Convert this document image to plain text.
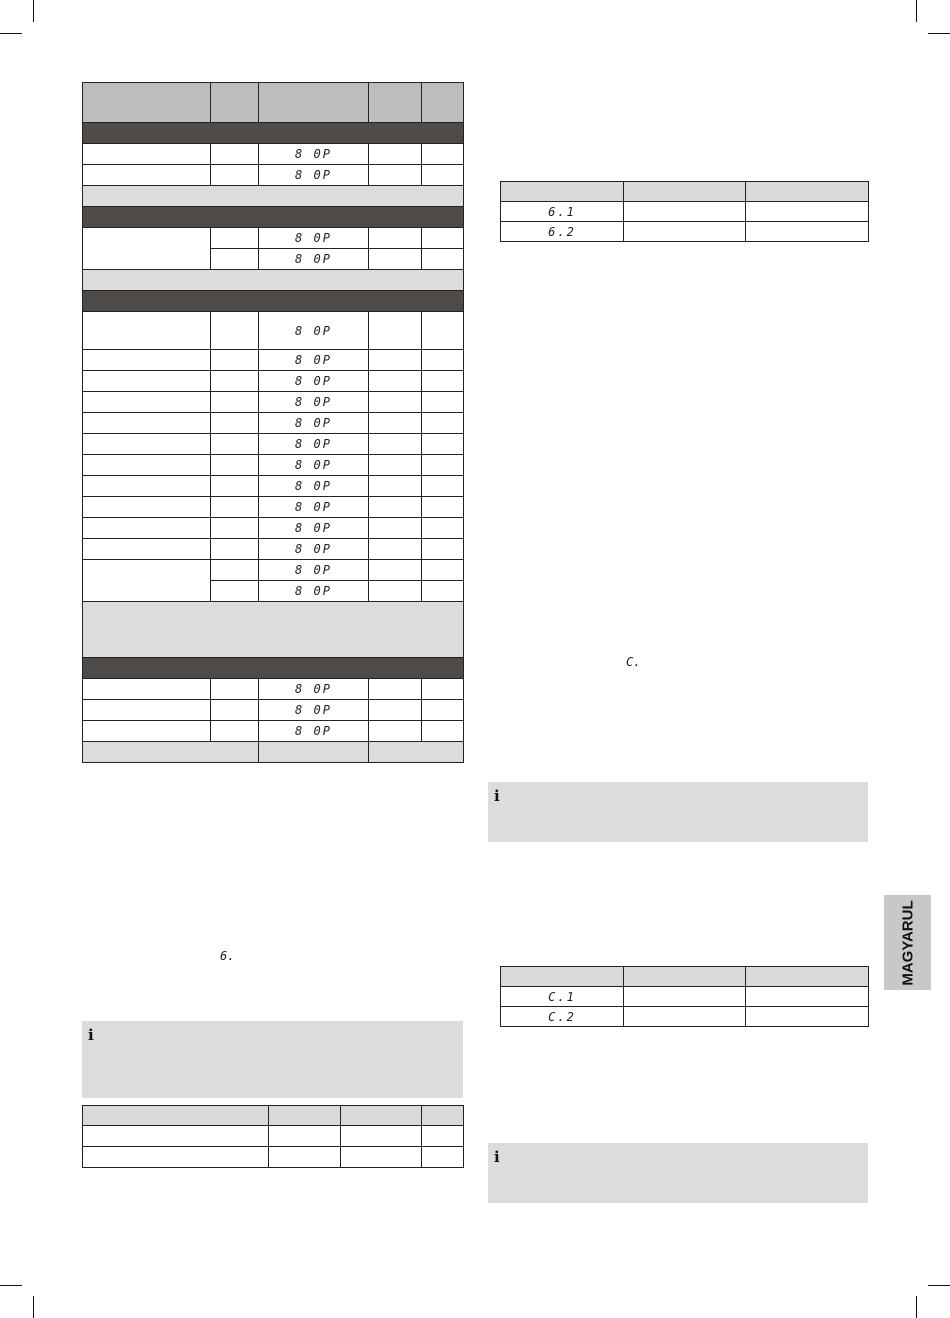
		8 0P		
		8 0P		

		8 0P		
		8 0P		

		8 0P		
		8 0P		
		8 0P		
		8 0P		
		8 0P		
		8 0P		
		8 0P		
		8 0P		
		8 0P		
		8 0P		
		8 0P		
		8 0P		
		8 0P		

		8 0P		
		8 0P		
		8 0P		

6.
i

6.1		
6.2		
C.
i

C.1		
C.2		
i
MAGYARUL
